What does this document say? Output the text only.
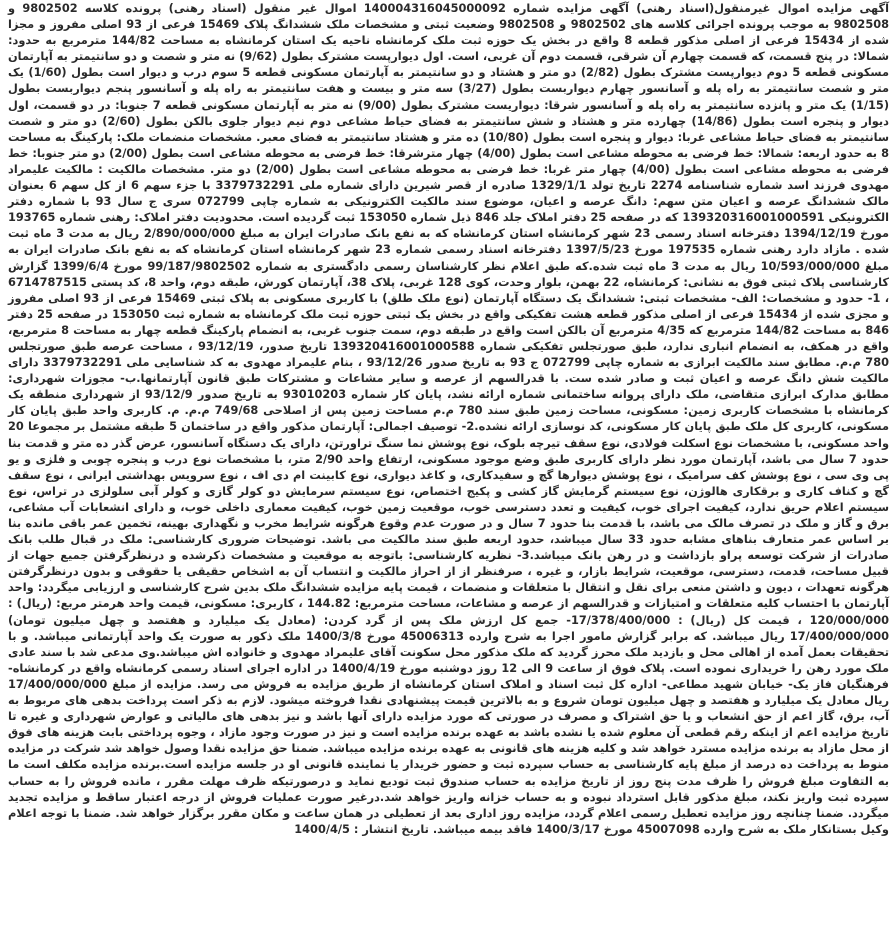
آگهی مزایده اموال غیرمنقول(اسناد رهنی) آگهی مزایده شماره 140004316045000092 اموال غیر منقول (اسناد رهنی) پرونده کلاسه 9802502 و 9802508 به موجب پرونده اجرائی کلاسه های 9802502 و 9802508 وضعیت ثبتی و مشخصات ملک ششدانگ پلاک 15469 فرعی از 93 اصلی مفروز و مجزا شده از 15434 فرعی از اصلی مذکور قطعه 8 واقع در بخش یک حوزه ثبت ملک کرمانشاه ناحیه یک استان کرمانشاه به مساحت 144/82 مترمربع به حدود: شمالا: در پنج قسمت، که قسمت چهارم آن شرقی، قسمت دوم آن غربی، است. اول دیوارپست مشترک بطول (9/62) نه متر و شصت و دو سانتیمتر به آپارتمان مسکونی قطعه 5 دوم دیوارپست مشترک بطول (2/82) دو متر و هشتاد و دو سانتیمتر به آپارتمان مسکونی قطعه 5 سوم درب و دیوار است بطول (1/60) یک متر و شصت سانتیمتر به راه پله و آسانسور چهارم دیواربست بطول (3/27) سه متر و بیست و هفت سانتیمتر به راه پله و آسانسور پنجم دیواربست بطول (1/15) یک متر و پانزده سانتیمتر به راه پله و آسانسور شرقا: دیواریست مشترک بطول (9/00) نه متر به آپارتمان مسکونی قطعه 7 جنوبا: در دو قسمت، اول دیوار و پنجره است بطول (14/86) چهارده متر و هشتاد و شش سانتیمتر به فضای حیاط مشاعی دوم نیم دیوار جلوی بالکن بطول (2/60) دو متر و شصت سانتیمتر به فضای حیاط مشاعی غربا: دیوار و پنجره است بطول (10/80) ده متر و هشتاد سانتیمتر به فضای معبر. مشخصات منضمات ملک: پارکینگ به مساحت 8 به حدود اربعه: شمالا: خط فرضی به محوطه مشاعی است بطول (4/00) چهار مترشرقا: خط فرضی به محوطه مشاعی است بطول (2/00) دو متر جنوبا: خط فرضی به محوطه مشاعی است بطول (4/00) چهار متر غربا: خط فرضی به محوطه مشاعی است بطول (2/00) دو متر. مشخصات مالکیت : مالکیت علیمراد مهدوی فرزند اسد شماره شناسنامه 2274 تاریخ تولد 1329/1/1 صادره از قصر شیرین دارای شماره ملی 3379732291 با جزء سهم 6 از کل سهم 6 بعنوان مالک ششدانگ عرصه و اعیان متن سهم: دانگ عرصه و اعیان، موضوع سند مالکیت الکترونیکی به شماره چاپی 072799 سری ج سال 93 با شماره دفتر الکترونیکی 139320316001000591 که در صفحه 25 دفتر املاک جلد 846 ذیل شماره 153050 ثبت گردیده است. محدودیت دفتر املاک: رهنی شماره 193765 مورخ 1394/12/19 دفترخانه اسناد رسمی 23 شهر کرمانشاه استان کرمانشاه که به نفع بانک صادرات ایران به مبلغ 2/890/000/000 ریال به مدت 3 ماه ثبت شده . مازاد دارد رهنی شماره 197535 مورخ 1397/5/23 دفترخانه اسناد رسمی شماره 23 شهر کرمانشاه استان کرمانشاه که به نفع بانک صادرات ایران به مبلغ 10/593/000/000 ریال به مدت 3 ماه ثبت شده.که طبق اعلام نظر کارشناسان رسمی دادگستری به شماره 99/187/9802502 مورخ 1399/6/4 گزارش کارشناسی پلاک ثبتی فوق به نشانی: کرمانشاه، 22 بهمن، بلوار وحدت، کوی 128 غربی، پلاک 38، آپارتمان کورش، طبقه دوم، واحد 8، کد پستی 6714787515 ، 1- حدود و مشخصات: الف- مشخصات ثبتی: ششدانگ یک دستگاه آپارتمان (نوع ملک طلق) با کاربری مسکونی به پلاک ثبتی 15469 فرعی از 93 اصلی مفروز و مجزی شده از 15434 فرعی از اصلی مذکور قطعه هشت تفکیکی واقع در بخش یک ثبتی حوزه ثبت ملک کرمانشاه به شماره ثبت 153050 در صفحه 25 دفتر 846 به مساحت 144/82 مترمربع که 4/35 مترمربع آن بالکن است واقع در طبقه دوم، سمت جنوب غربی، به انضمام پارکینگ قطعه چهار به مساحت 8 مترمربع، واقع در همکف، به انضمام انباری ندارد، طبق صورتجلس تفکیکی شماره 139320416001000588 تاریخ صدور، 93/12/19 ، مساحت عرصه طبق صورتجلس 780 م.م. مطابق سند مالکیت ابرازی به شماره چاپی 072799 ج 93 به تاریخ صدور 93/12/26 ، بنام علیمراد مهدوی به کد شناسایی ملی 3379732291 دارای مالکیت شش دانگ عرصه و اعیان ثبت و صادر شده ست. با قدرالسهم از عرصه و سایر مشاعات و مشترکات طبق قانون آپارتمانها.ب- مجوزات شهرداری: مطابق مدارک ابرازی متقاضی، ملک دارای پروانه ساختمانی شماره ارائه نشد، پایان کار شماره 93010203 به تاریخ صدور 93/12/9 از شهرداری منطقه یک کرمانشاه با مشخصات کاربری زمین: مسکونی، مساحت زمین طبق سند 780 م.م مساحت زمین پس از اصلاحی 749/68 م.م. م. کاربری واحد طبق پایان کار مسکونی، کاربری کل ملک طبق پایان کار مسکونی، کد نوسازی ارائه نشده.2- توصیف اجمالی: آپارتمان مذکور واقع در ساختمان 5 طبقه مشتمل بر مجموعا 20 واحد مسکونی، با مشخصات نوع اسکلت فولادی، نوع سقف تیرچه بلوک، نوع پوشش نما سنگ تراورتن، دارای یک دستگاه آسانسور، عرض گذر ده متر و قدمت بنا حدود 7 سال می باشد، آپارتمان مورد نظر دارای کاربری طبق وضع موجود مسکونی، ارتفاع واحد 2/90 متر، با مشخصات نوع درب و پنجره چوبی و فلزی و یو پی وی سی ، نوع پوشش کف سرامیک ، نوع پوشش دیوارها گچ و سفیدکاری، و کاغذ دیواری، نوع کابینت ام دی اف ، نوع سرویس بهداشتی ایرانی ، نوع سقف گچ و کناف کاری و برقکاری هالوژن، نوع سیستم گرمایش گاز کشی و پکیج اختصاص، نوع سیستم سرمایش دو کولر گازی و کولر آبی سلولزی در تراس، نوع سیستم اعلام حریق ندارد، کیفیت اجرای خوب، کیفیت و تعدد دسترسی خوب، موقعیت زمین خوب، کیفیت معماری داخلی خوب، و دارای انشعابات آب مشاعی، برق و گاز و ملک در تصرف مالک می باشد، با قدمت بنا حدود 7 سال و در صورت عدم وقوع هرگونه شرایط مخرب و نگهداری بهینه، تخمین عمر باقی مانده بنا بر اساس عمر متعارف بناهای مشابه حدود 33 سال میباشد، حدود اربعه طبق سند مالکیت می باشد. توضیحات ضروری کارشناسی: ملک در قبال طلب بانک صادرات از شرکت توسعه پراو بازداشت و در رهن بانک میباشد.3- نظریه کارشناسی: باتوجه به موقعیت و مشخصات ذکرشده و درنظرگرفتن جمیع جهات از قبیل مساحت، قدمت، دسترسی، موقعیت، شرایط بازار، و غیره ، صرفنظر از از احراز مالکیت و انتساب آن به اشخاص حقیقی یا حقوقی و بدون درنظرگرفتن هرگونه تعهدات ، دیون و داشتن منعی برای نقل و انتقال با متعلقات و منضمات ، قیمت پایه مزایده ششدانگ ملک بدین شرح کارشناسی و ارزیابی میگردد: واحد آپارتمان با احتساب کلیه متعلقات و امتیازات و قدرالسهم از عرصه و مشاعات، مساحت مترمربع: 144.82 ، کاربری: مسکونی، قیمت واحد هرمتر مربع: (ریال) : 120/000/000 ، قیمت کل (ریال) : 17/378/400/000- جمع کل ارزش ملک پس از گرد کردن: (معادل یک میلیارد و هفتصد و چهل میلیون تومان) 17/400/000/000 ریال میباشد. که برابر گزارش مامور اجرا به شرح وارده 45006313 مورخ 1400/3/8 ملک ذکور به صورت یک واحد آپارتمانی میباشد. و با تحقیقات بعمل آمده از اهالی محل و بازدید ملک محرز گردید که ملک مذکور محل سکونت آقای علیمراد مهدوی و خانواده اش میباشد.وی مدعی شد با سند عادی ملک مورد رهن را خریداری نموده است. پلاک فوق از ساعت 9 الی 12 روز دوشنبه مورخ 1400/4/19 در اداره اجرای اسناد رسمی کرمانشاه واقع در کرمانشاه- فرهنگیان فاز یک- خیابان شهید مطاعی- اداره کل ثبت اسناد و املاک استان کرمانشاه از طریق مزایده به فروش می رسد. مزایده از مبلغ 17/400/000/000 ریال معادل یک میلیارد و هفتصد و چهل میلیون تومان شروع و به بالاترین قیمت پیشنهادی نقدا فروخته میشود. لازم به ذکر است پرداخت بدهی های مربوط به آب، برق، گاز اعم از حق انشعاب و یا حق اشتراک و مصرف در صورتی که مورد مزایده دارای آنها باشد و نیز بدهی های مالیاتی و عوارض شهرداری و غیره تا تاریخ مزایده اعم از اینکه رقم قطعی آن معلوم شده یا نشده باشد به عهده برنده مزایده است و نیز در صورت وجود مازاد ، وجوه پرداختی بابت هزینه های فوق از محل مازاد به برنده مزایده مسترد خواهد شد و کلیه هزینه های قانونی به عهده برنده مزایده میباشد. ضمنا حق مزایده نقدا وصول خواهد شد شرکت در مزایده منوط به پرداخت ده درصد از مبلغ پایه کارشناسی به حساب سپرده ثبت و حضور خریدار یا نماینده قانونی او در جلسه مزایده است.برنده مزایده مکلف است ما به التفاوت مبلغ فروش را ظرف مدت پنج روز از تاریخ مزایده به حساب صندوق ثبت تودیع نماید و درصورتیکه ظرف مهلت مقرر ، مانده فروش را به حساب سپرده ثبت واریز نکند، مبلغ مذکور قابل استرداد نبوده و به حساب خزانه واریز خواهد شد.درغیر صورت عملیات فروش از درجه اعتبار ساقط و مزایده تجدید میگردد. ضمنا چنانچه روز مزایده تعطیل رسمی اعلام گردد، مزایده روز اداری بعد از تعطیلی در همان ساعت و مکان مقرر برگزار خواهد شد. ضمنا با توجه اعلام وکیل بستانکار ملک به شرح وارده 45007098 مورخ 1400/3/17 فاقد بیمه میباشد. تاریخ انتشار : 1400/4/5
